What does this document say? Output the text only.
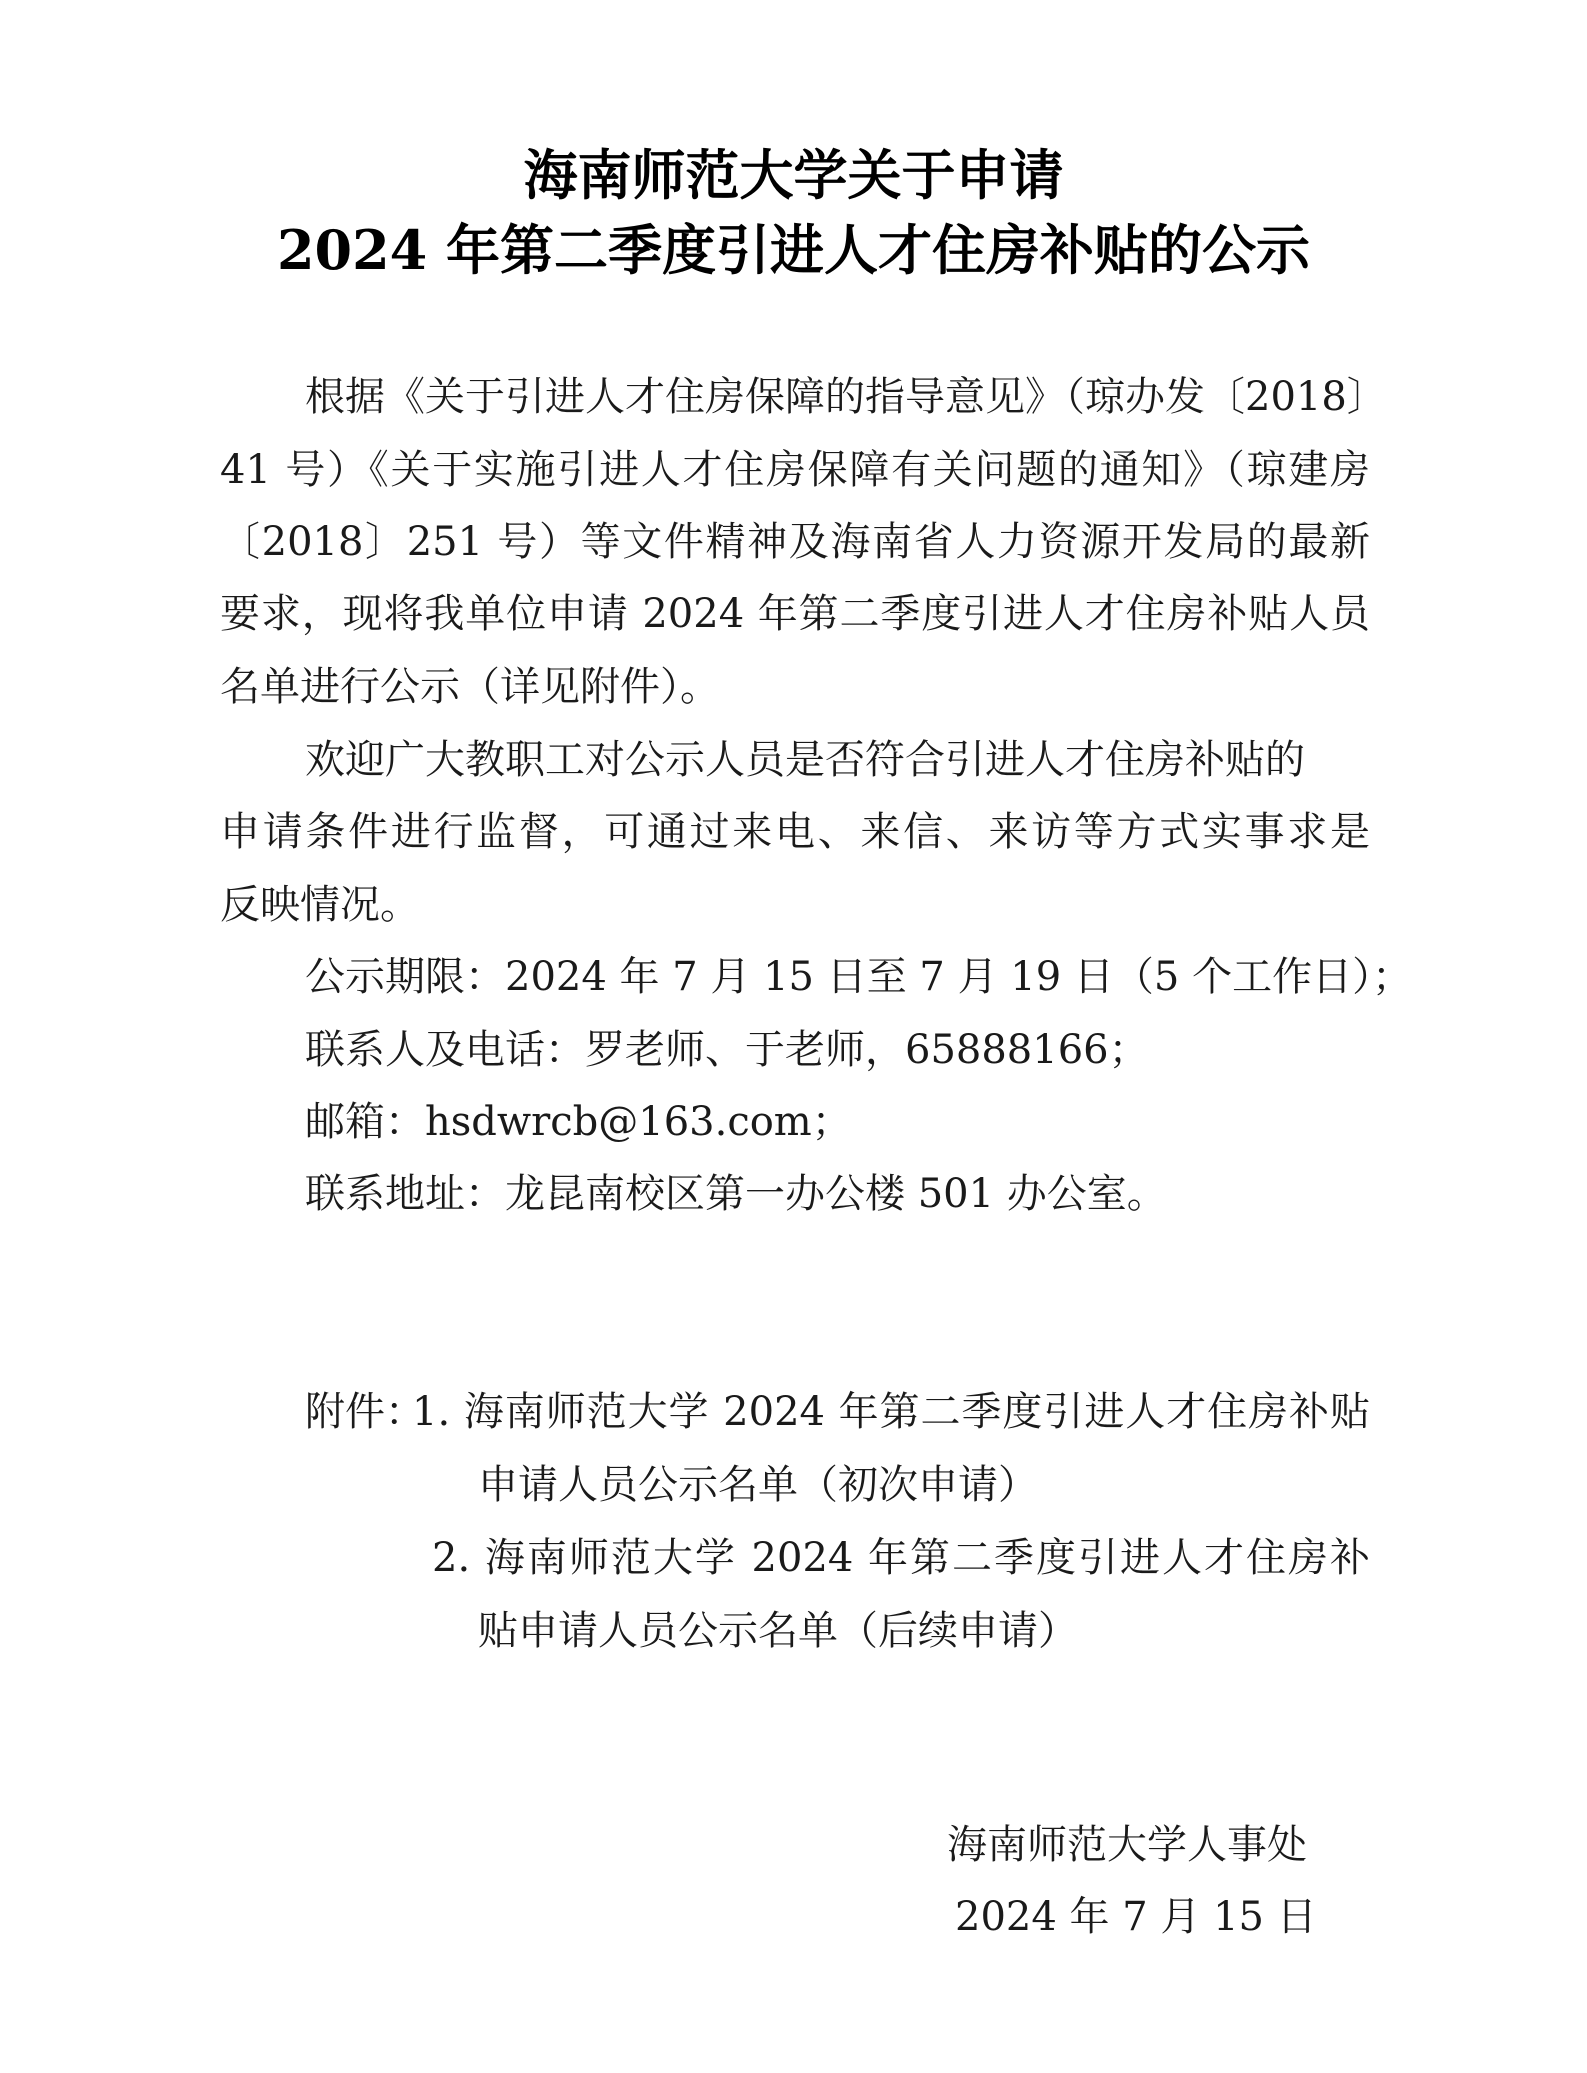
海南师范大学关于申请
2024 年第二季度引进人才住房补贴的公示
根据《关于引进人才住房保障的指导意见》（琼办发〔2018〕
41 号）《关于实施引进人才住房保障有关问题的通知》（琼建房
〔2018〕251 号）等文件精神及海南省人力资源开发局的最新
要求，现将我单位申请 2024 年第二季度引进人才住房补贴人员
名单进行公示（详见附件）。
欢迎广大教职工对公示人员是否符合引进人才住房补贴的
申请条件进行监督，可通过来电、来信、来访等方式实事求是
反映情况。
公示期限：2024 年 7 月 15 日至 7 月 19 日（5 个工作日）；
联系人及电话：罗老师、于老师，65888166；
邮箱：hsdwrcb@163.com；
联系地址：龙昆南校区第一办公楼 501 办公室。
附件：
1. 海南师范大学 2024 年第二季度引进人才住房补贴
申请人员公示名单（初次申请）
2. 海南师范大学 2024 年第二季度引进人才住房补
贴申请人员公示名单（后续申请）
海南师范大学人事处
2024 年 7 月 15 日
